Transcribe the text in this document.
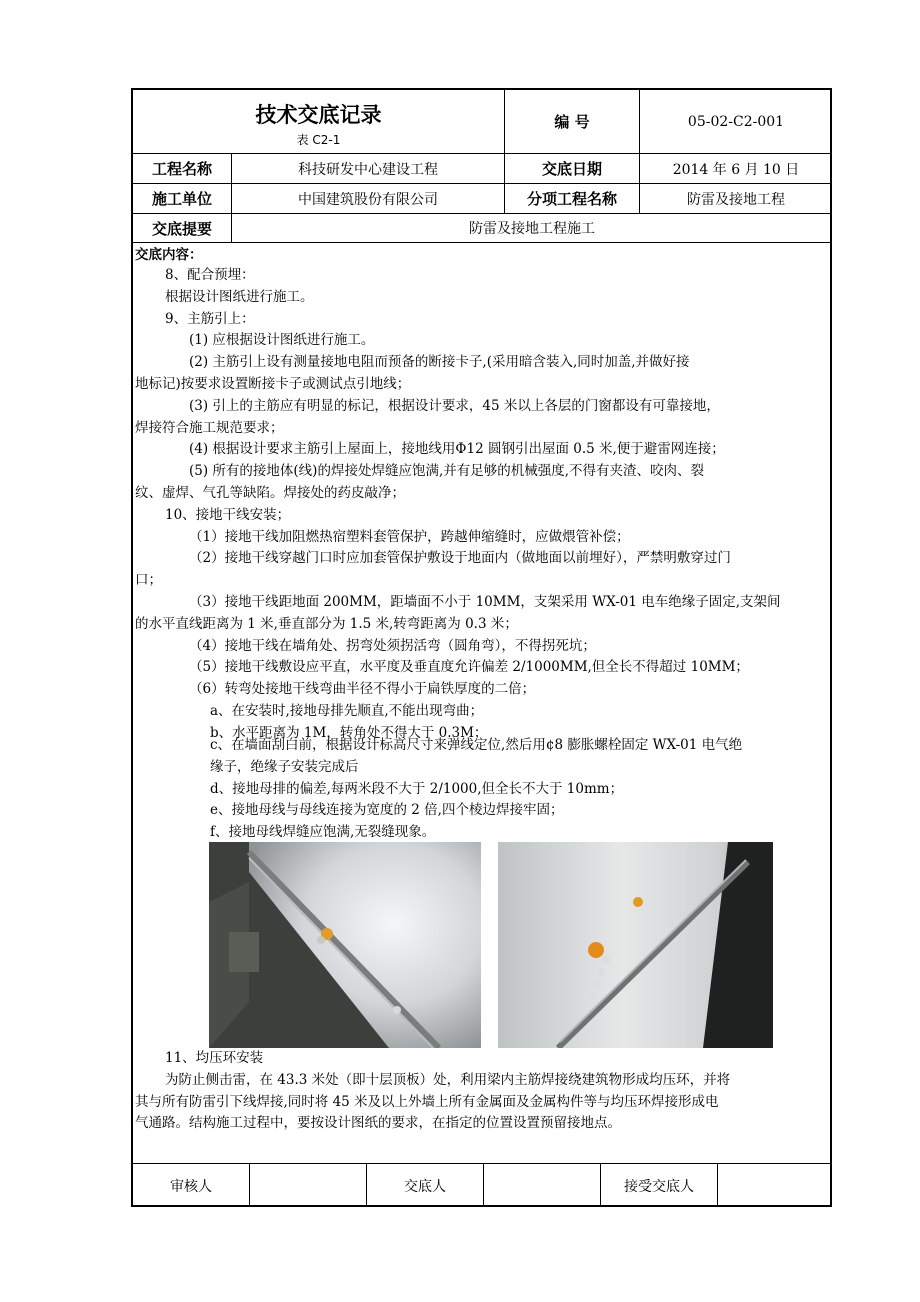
技术交底记录
表 C2-1
编 号	05-02-C2-001
工程名称	科技研发中心建设工程	交底日期	2014 年 6 月 10 日
施工单位	中国建筑股份有限公司	分项工程名称	防雷及接地工程
交底提要	防雷及接地工程施工

交底内容：

8、配合预埋：

根据设计图纸进行施工。

9、主筋引上：

(1) 应根据设计图纸进行施工。

(2) 主筋引上设有测量接地电阻而预备的断接卡子,(采用暗含装入,同时加盖,并做好接

地标记)按要求设置断接卡子或测试点引地线；

(3) 引上的主筋应有明显的标记，根据设计要求，45 米以上各层的门窗都设有可靠接地，

焊接符合施工规范要求；

(4) 根据设计要求主筋引上屋面上，接地线用Φ12 圆钢引出屋面 0.5 米,便于避雷网连接；

(5) 所有的接地体(线)的焊接处焊缝应饱满,并有足够的机械强度,不得有夹渣、咬肉、裂

纹、虚焊、气孔等缺陷。焊接处的药皮敲净；

10、接地干线安装；

（1）接地干线加阻燃热宿塑料套管保护，跨越伸缩缝时，应做煨管补偿；

（2）接地干线穿越门口时应加套管保护敷设于地面内（做地面以前埋好），严禁明敷穿过门

口；

（3）接地干线距地面 200MM，距墙面不小于 10MM，支架采用 WX-01 电车绝缘子固定,支架间

的水平直线距离为 1 米,垂直部分为 1.5 米,转弯距离为 0.3 米；

（4）接地干线在墙角处、拐弯处须拐活弯（圆角弯），不得拐死坑；

（5）接地干线敷设应平直，水平度及垂直度允许偏差 2/1000MM,但全长不得超过 10MM；

（6）转弯处接地干线弯曲半径不得小于扁铁厚度的二倍；

a、在安装时,接地母排先顺直,不能出现弯曲；

b、水平距离为 1M，转角处不得大于 0.3M；

c、在墙面刮白前，根据设计标高尺寸来弹线定位,然后用¢8 膨胀螺栓固定 WX-01 电气绝

缘子，绝缘子安装完成后

d、接地母排的偏差,每两米段不大于 2/1000,但全长不大于 10mm；

e、接地母线与母线连接为宽度的 2 倍,四个棱边焊接牢固；

f、接地母线焊缝应饱满,无裂缝现象。

11、均压环安装

为防止侧击雷，在 43.3 米处（即十层顶板）处，利用梁内主筋焊接绕建筑物形成均压环，并将

其与所有防雷引下线焊接,同时将 45 米及以上外墙上所有金属面及金属构件等与均压环焊接形成电

气通路。结构施工过程中，要按设计图纸的要求，在指定的位置设置预留接地点。

审核人	交底人	接受交底人
